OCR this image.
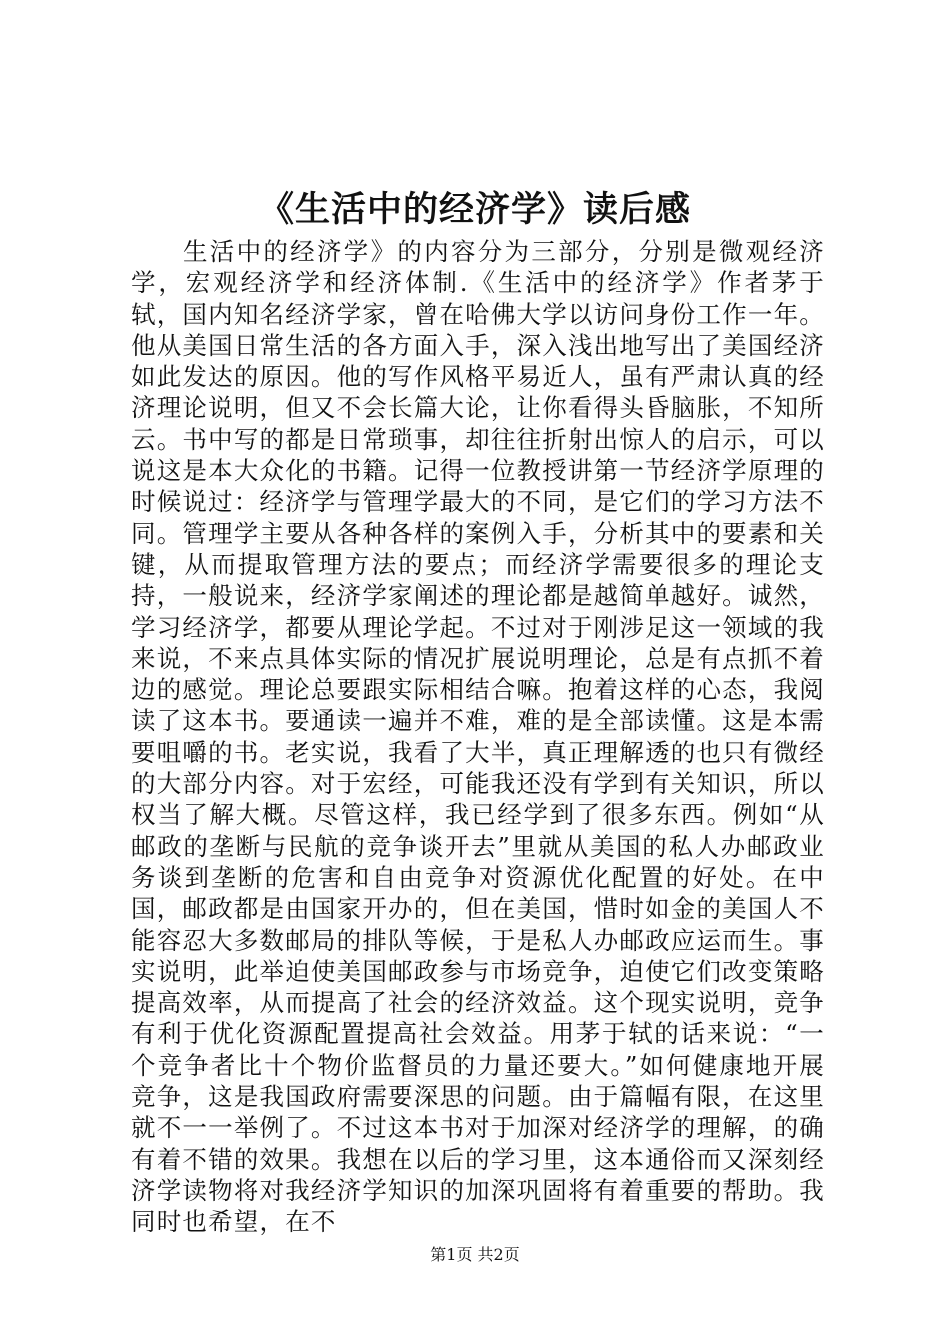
《生活中的经济学》读后感

生活中的经济学》的内容分为三部分，分别是微观经济学，宏观经济学和经济体制.《生活中的经济学》作者茅于轼，国内知名经济学家，曾在哈佛大学以访问身份工作一年。他从美国日常生活的各方面入手，深入浅出地写出了美国经济如此发达的原因。他的写作风格平易近人，虽有严肃认真的经济理论说明，但又不会长篇大论，让你看得头昏脑胀，不知所云。书中写的都是日常琐事，却往往折射出惊人的启示，可以说这是本大众化的书籍。记得一位教授讲第一节经济学原理的时候说过：经济学与管理学最大的不同，是它们的学习方法不同。管理学主要从各种各样的案例入手，分析其中的要素和关键，从而提取管理方法的要点；而经济学需要很多的理论支持，一般说来，经济学家阐述的理论都是越简单越好。诚然，学习经济学，都要从理论学起。不过对于刚涉足这一领域的我来说，不来点具体实际的情况扩展说明理论，总是有点抓不着边的感觉。理论总要跟实际相结合嘛。抱着这样的心态，我阅读了这本书。要通读一遍并不难，难的是全部读懂。这是本需要咀嚼的书。老实说，我看了大半，真正理解透的也只有微经的大部分内容。对于宏经，可能我还没有学到有关知识，所以权当了解大概。尽管这样，我已经学到了很多东西。例如“从邮政的垄断与民航的竞争谈开去”里就从美国的私人办邮政业务谈到垄断的危害和自由竞争对资源优化配置的好处。在中国，邮政都是由国家开办的，但在美国，惜时如金的美国人不能容忍大多数邮局的排队等候，于是私人办邮政应运而生。事实说明，此举迫使美国邮政参与市场竞争，迫使它们改变策略提高效率，从而提高了社会的经济效益。这个现实说明，竞争有利于优化资源配置提高社会效益。用茅于轼的话来说：“一个竞争者比十个物价监督员的力量还要大。”如何健康地开展竞争，这是我国政府需要深思的问题。由于篇幅有限，在这里就不一一举例了。不过这本书对于加深对经济学的理解，的确有着不错的效果。我想在以后的学习里，这本通俗而又深刻经济学读物将对我经济学知识的加深巩固将有着重要的帮助。我同时也希望，在不

第1页 共2页
